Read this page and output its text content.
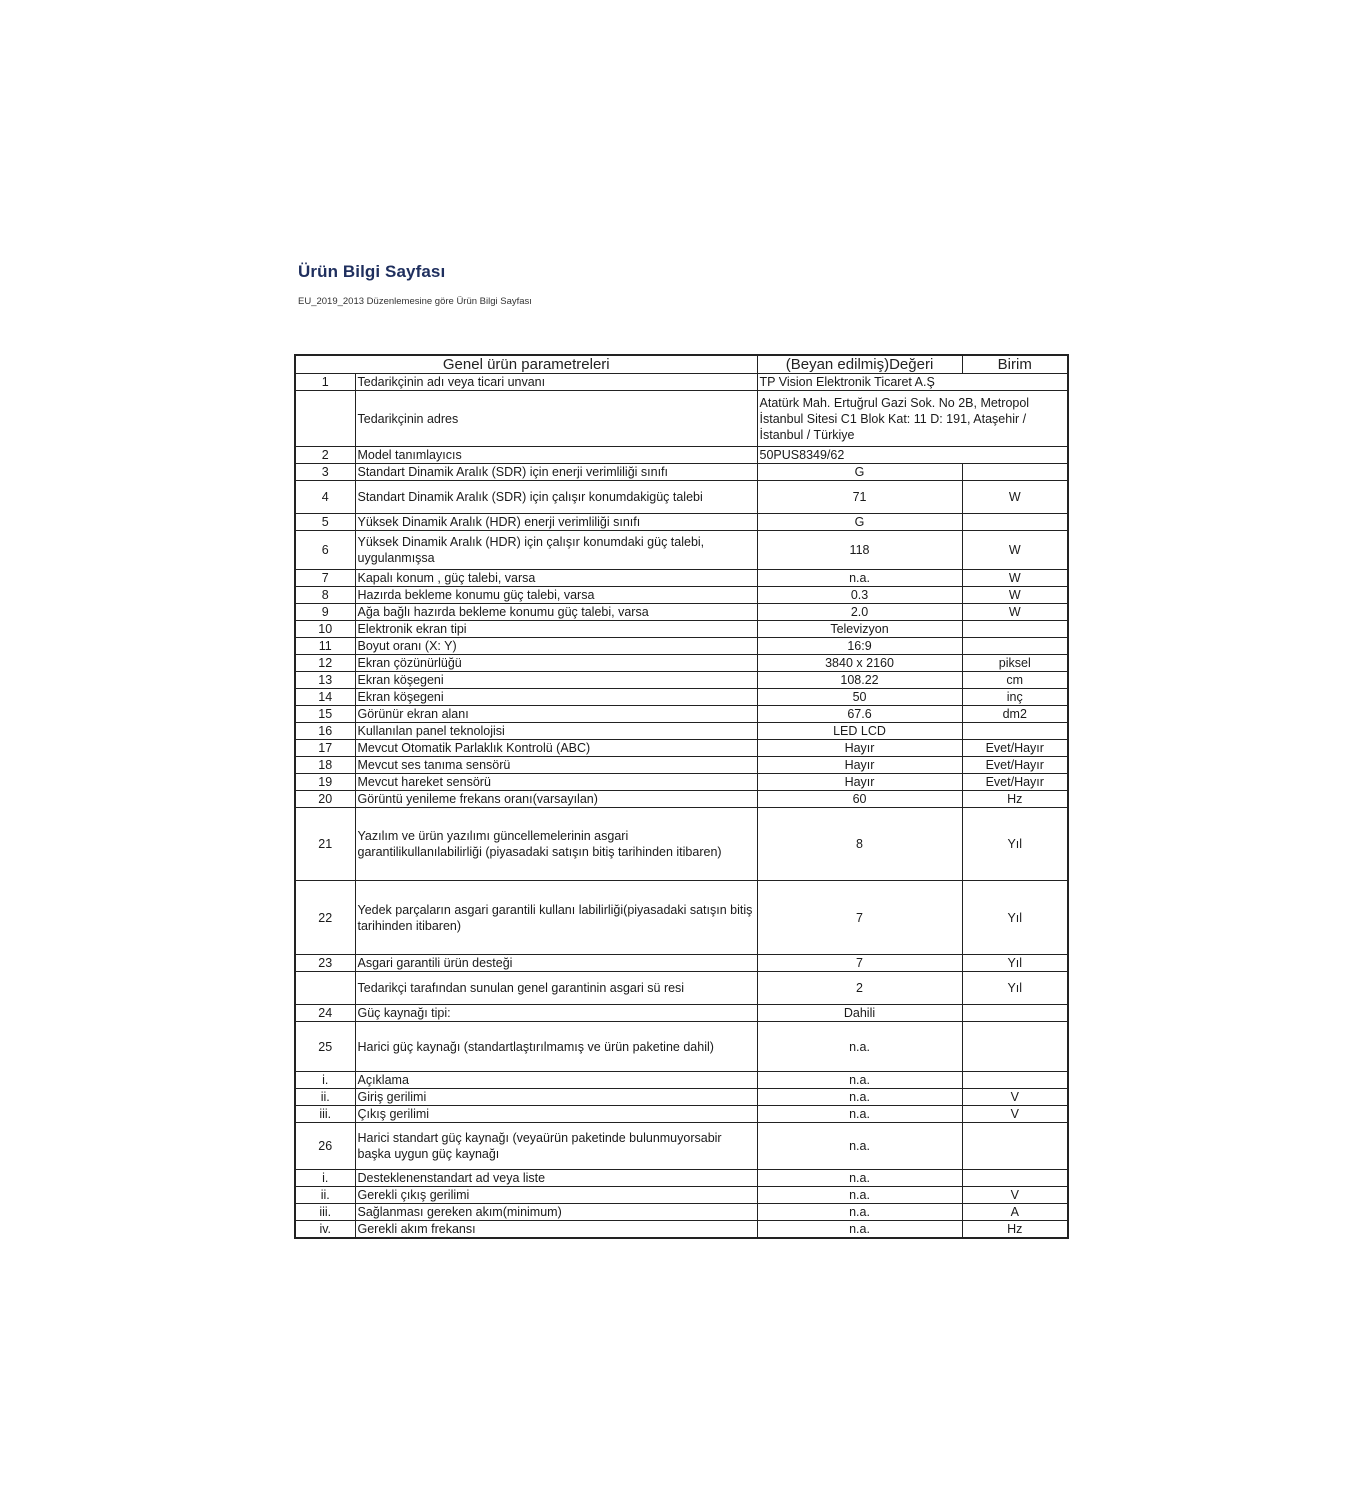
Ürün Bilgi Sayfası
EU_2019_2013 Düzenlemesine göre Ürün Bilgi Sayfası
Genel ürün parametreleri		(Beyan edilmiş)Değeri	Birim
1	Tedarikçinin adı veya ticari unvanı	TP Vision Elektronik Ticaret A.Ş	
	Tedarikçinin adres	Atatürk Mah. Ertuğrul Gazi Sok. No 2B, Metropol İstanbul Sitesi C1 Blok Kat: 11 D: 191, Ataşehir / İstanbul / Türkiye	
2	Model tanımlayıcıs	50PUS8349/62	
3	Standart Dinamik Aralık (SDR) için enerji verimliliği sınıfı	G	
4	Standart Dinamik Aralık (SDR) için çalışır konumdakigüç talebi	71	W
5	Yüksek Dinamik Aralık (HDR) enerji verimliliği sınıfı	G	
6	Yüksek Dinamik Aralık (HDR) için çalışır konumdaki güç talebi, uygulanmışsa	118	W
7	Kapalı konum , güç talebi, varsa	n.a.	W
8	Hazırda bekleme konumu güç talebi, varsa	0.3	W
9	Ağa bağlı hazırda bekleme konumu güç talebi, varsa	2.0	W
10	Elektronik ekran tipi	Televizyon	
11	Boyut oranı (X: Y)	16:9	
12	Ekran çözünürlüğü	3840 x 2160	piksel
13	Ekran köşegeni	108.22	cm
14	Ekran köşegeni	50	inç
15	Görünür ekran alanı	67.6	dm2
16	Kullanılan panel teknolojisi	LED LCD	
17	Mevcut Otomatik Parlaklık Kontrolü (ABC)	Hayır	Evet/Hayır
18	Mevcut ses tanıma sensörü	Hayır	Evet/Hayır
19	Mevcut hareket sensörü	Hayır	Evet/Hayır
20	Görüntü yenileme frekans oranı(varsayılan)	60	Hz
21	Yazılım ve ürün yazılımı güncellemelerinin asgari garantilikullanılabilirliği (piyasadaki satışın bitiş tarihinden itibaren)	8	Yıl
22	Yedek parçaların asgari garantili kullanı labilirliği(piyasadaki satışın bitiş tarihinden itibaren)	7	Yıl
23	Asgari garantili ürün desteği	7	Yıl
	Tedarikçi tarafından sunulan genel garantinin asgari sü resi	2	Yıl
24	Güç kaynağı tipi:	Dahili	
25	Harici güç kaynağı (standartlaştırılmamış ve ürün paketine dahil)	n.a.	
i.	Açıklama	n.a.	
ii.	Giriş gerilimi	n.a.	V
iii.	Çıkış gerilimi	n.a.	V
26	Harici standart güç kaynağı (veyaürün paketinde bulunmuyorsabir başka uygun güç kaynağı	n.a.	
i.	Desteklenenstandart ad veya liste	n.a.	
ii.	Gerekli çıkış gerilimi	n.a.	V
iii.	Sağlanması gereken akım(minimum)	n.a.	A
iv.	Gerekli akım frekansı	n.a.	Hz
